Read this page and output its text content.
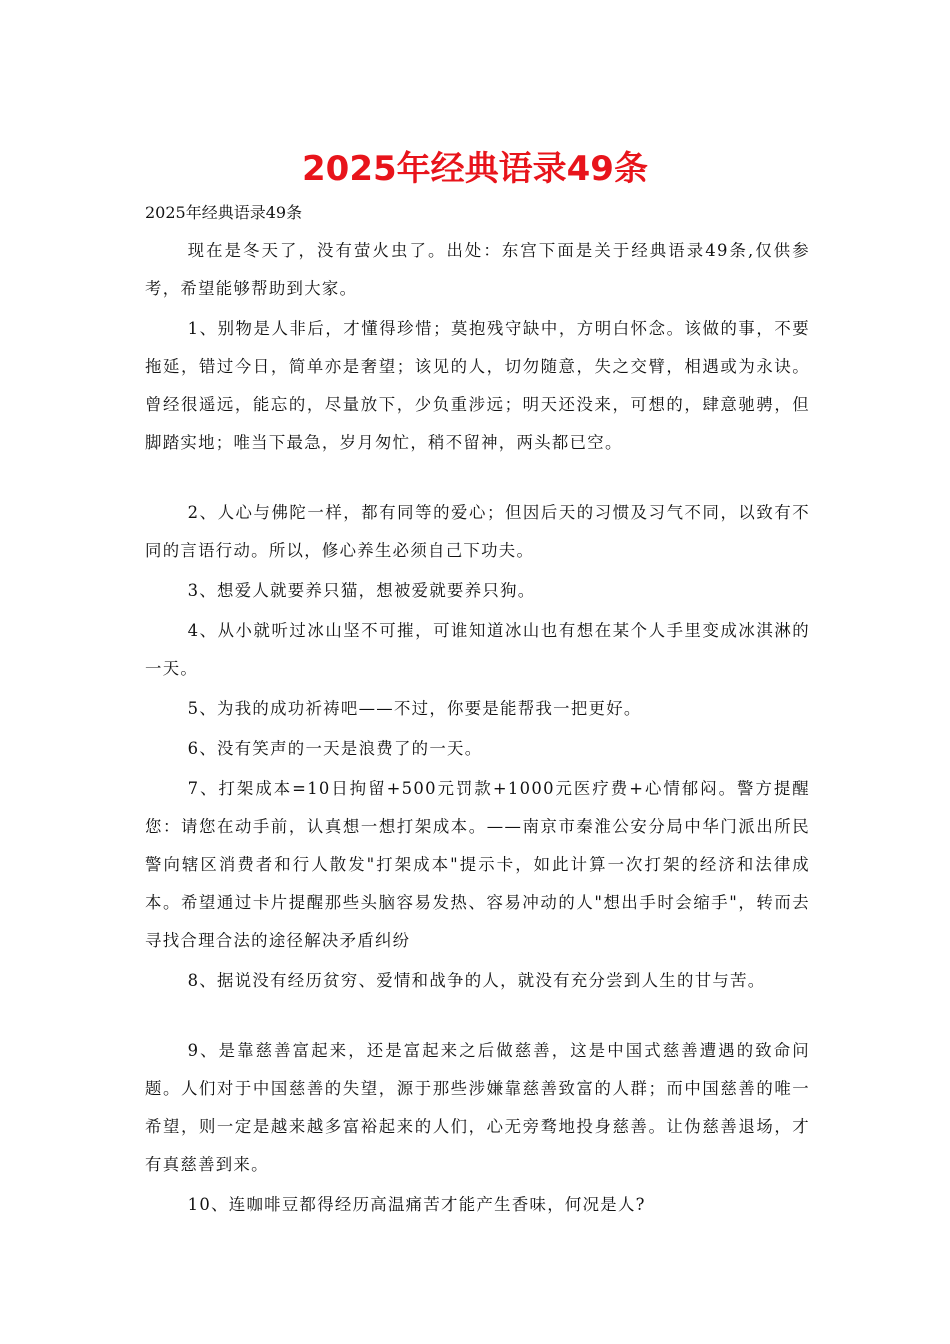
2025年经典语录49条

2025年经典语录49条

现在是冬天了，没有萤火虫了。出处：东宫下面是关于经典语录49条,仅供参考，希望能够帮助到大家。

1、别物是人非后，才懂得珍惜；莫抱残守缺中，方明白怀念。该做的事，不要拖延，错过今日，简单亦是奢望；该见的人，切勿随意，失之交臂，相遇或为永诀。曾经很遥远，能忘的，尽量放下，少负重涉远；明天还没来，可想的，肆意驰骋，但脚踏实地；唯当下最急，岁月匆忙，稍不留神，两头都已空。

2、人心与佛陀一样，都有同等的爱心；但因后天的习惯及习气不同，以致有不同的言语行动。所以，修心养生必须自己下功夫。

3、想爱人就要养只猫，想被爱就要养只狗。

4、从小就听过冰山坚不可摧，可谁知道冰山也有想在某个人手里变成冰淇淋的一天。

5、为我的成功祈祷吧——不过，你要是能帮我一把更好。

6、没有笑声的一天是浪费了的一天。

7、打架成本=10日拘留+500元罚款+1000元医疗费+心情郁闷。警方提醒您：请您在动手前，认真想一想打架成本。——南京市秦淮公安分局中华门派出所民警向辖区消费者和行人散发"打架成本"提示卡，如此计算一次打架的经济和法律成本。希望通过卡片提醒那些头脑容易发热、容易冲动的人"想出手时会缩手"，转而去寻找合理合法的途径解决矛盾纠纷

8、据说没有经历贫穷、爱情和战争的人，就没有充分尝到人生的甘与苦。

9、是靠慈善富起来，还是富起来之后做慈善，这是中国式慈善遭遇的致命问题。人们对于中国慈善的失望，源于那些涉嫌靠慈善致富的人群；而中国慈善的唯一希望，则一定是越来越多富裕起来的人们，心无旁骛地投身慈善。让伪慈善退场，才有真慈善到来。

10、连咖啡豆都得经历高温痛苦才能产生香味，何况是人?
